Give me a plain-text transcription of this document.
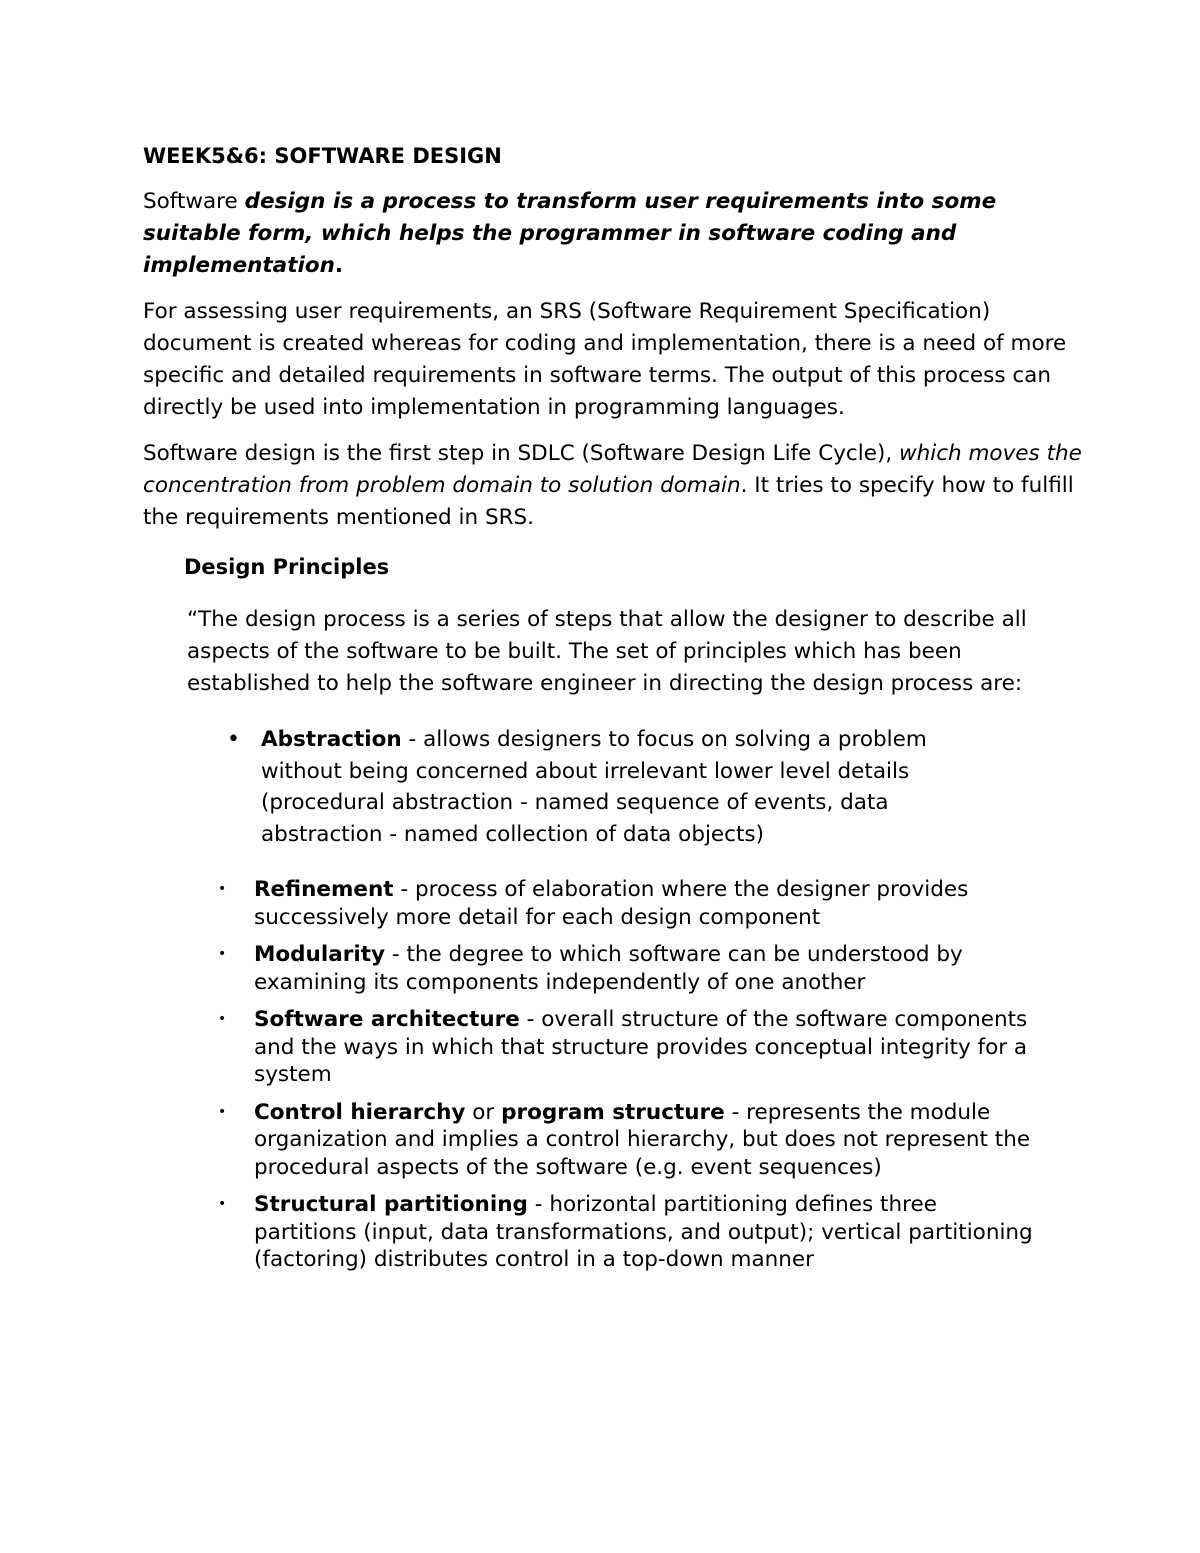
WEEK5&6: SOFTWARE DESIGN

Software design is a process to transform user requirements into some suitable form, which helps the programmer in software coding and implementation.

For assessing user requirements, an SRS (Software Requirement Specification) document is created whereas for coding and implementation, there is a need of more specific and detailed requirements in software terms. The output of this process can directly be used into implementation in programming languages.

Software design is the first step in SDLC (Software Design Life Cycle), which moves the concentration from problem domain to solution domain. It tries to specify how to fulfill the requirements mentioned in SRS.

Design Principles

“The design process is a series of steps that allow the designer to describe all aspects of the software to be built. The set of principles which has been established to help the software engineer in directing the design process are:

• Abstraction - allows designers to focus on solving a problem without being concerned about irrelevant lower level details (procedural abstraction - named sequence of events, data abstraction - named collection of data objects)
• Refinement - process of elaboration where the designer provides successively more detail for each design component
• Modularity - the degree to which software can be understood by examining its components independently of one another
• Software architecture - overall structure of the software components and the ways in which that structure provides conceptual integrity for a system
• Control hierarchy or program structure - represents the module organization and implies a control hierarchy, but does not represent the procedural aspects of the software (e.g. event sequences)
• Structural partitioning - horizontal partitioning defines three partitions (input, data transformations, and output); vertical partitioning (factoring) distributes control in a top-down manner
